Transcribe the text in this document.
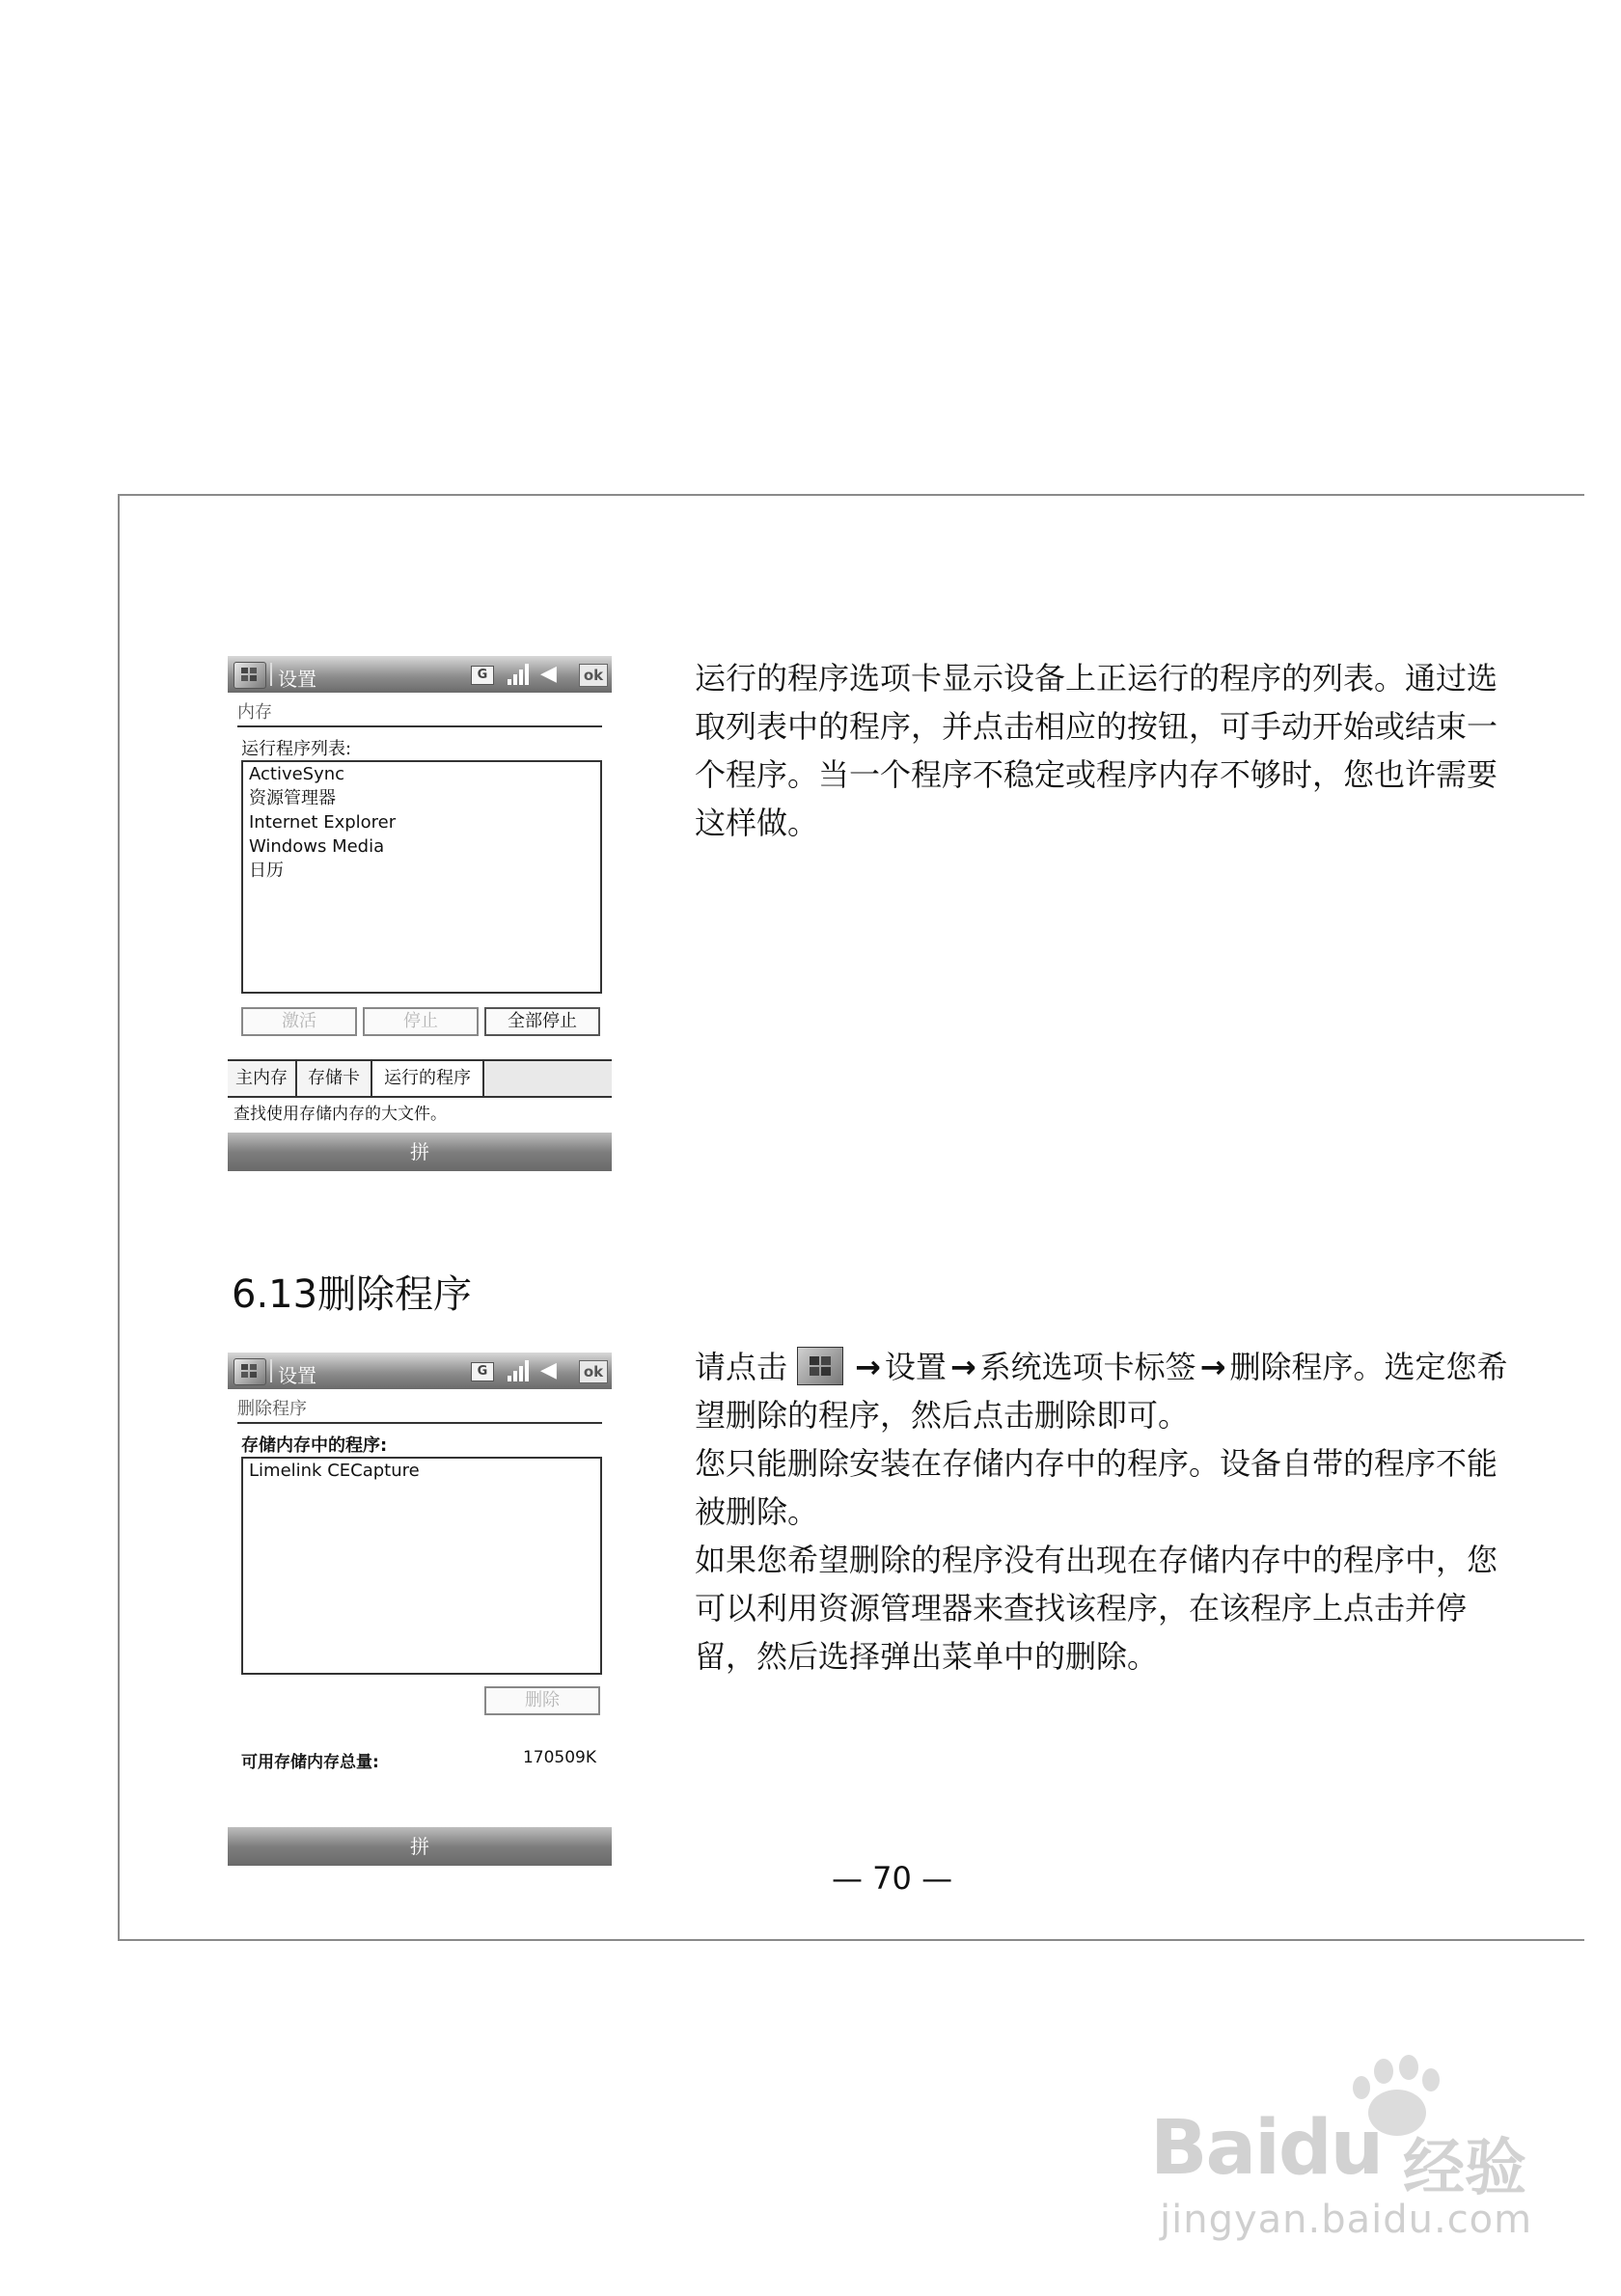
设置	G	◀	ok
内存
运行程序列表:
ActiveSync
资源管理器
Internet Explorer
Windows Media
日历
激活	停止	全部停止
主内存	存储卡	运行的程序
查找使用存储内存的大文件。
拼

运行的程序选项卡显示设备上正运行的程序的列表。通过选取列表中的程序，并点击相应的按钮，可手动开始或结束一个程序。当一个程序不稳定或程序内存不够时，您也许需要这样做。

6.13删除程序
设置	G	◀	ok
删除程序
存储内存中的程序:
Limelink CECapture
删除
可用存储内存总量:	170509K
拼

请点击 → 设置 → 系统选项卡标签 → 删除程序。选定您希望删除的程序，然后点击删除即可。

您只能删除安装在存储内存中的程序。设备自带的程序不能被删除。

如果您希望删除的程序没有出现在存储内存中的程序中，您可以利用资源管理器来查找该程序，在该程序上点击并停留，然后选择弹出菜单中的删除。

— 70 —
Baidu 经验
jingyan.baidu.com
